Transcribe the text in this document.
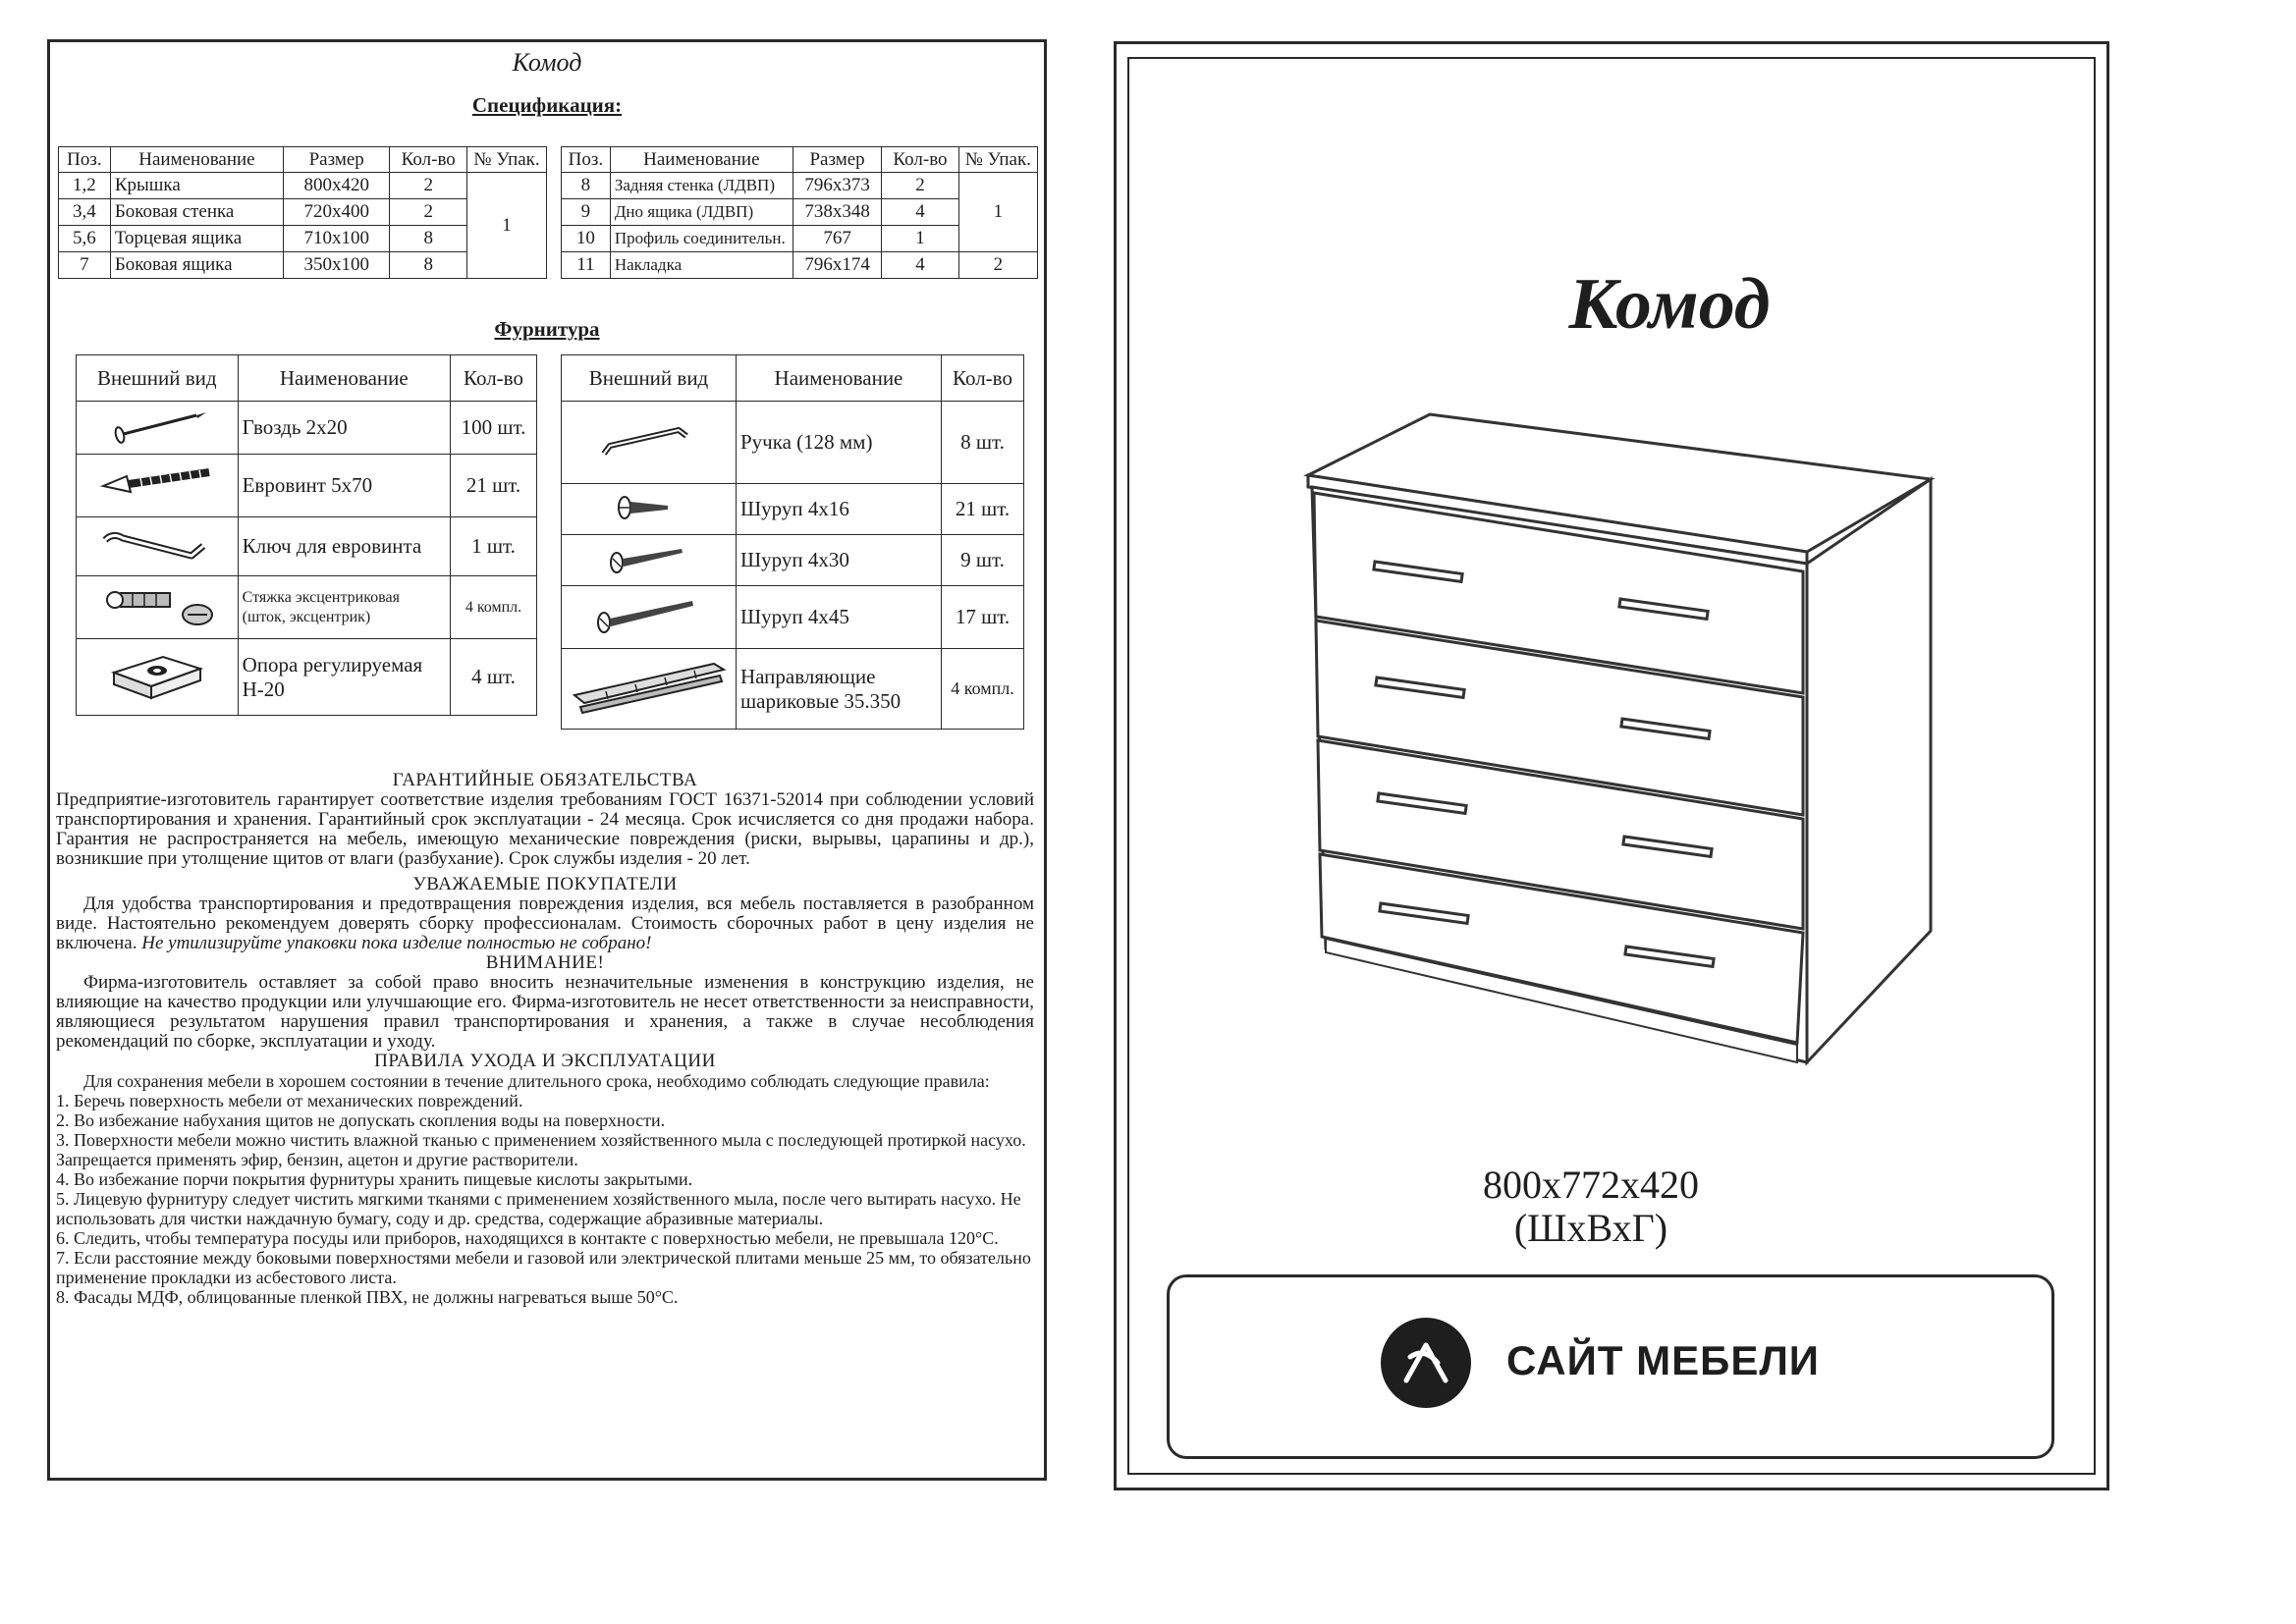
Комод
Спецификация:
Поз.	Наименование	Размер	Кол-во	№ Упак.
1,2	Крышка	800х420	2	1
3,4	Боковая стенка	720х400	2	
5,6	Торцевая ящика	710х100	8	
7	Боковая ящика	350х100	8	
Поз.	Наименование	Размер	Кол-во	№ Упак.
8	Задняя стенка (ЛДВП)	796х373	2	1
9	Дно ящика (ЛДВП)	738х348	4	
10	Профиль соединительн.	767	1	
11	Накладка	796х174	4	2
Фурнитура
Внешний вид	Наименование	Кол-во
	Гвоздь 2х20	100 шт.
	Евровинт 5х70	21 шт.
	Ключ для евровинта	1 шт.
	Стяжка эксцентриковая (шток, эксцентрик)	4 компл.
	Опора регулируемая Н-20	4 шт.
Внешний вид	Наименование	Кол-во
	Ручка (128 мм)	8 шт.
	Шуруп 4х16	21 шт.
	Шуруп 4х30	9 шт.
	Шуруп 4х45	17 шт.
	Направляющие шариковые 35.350	4 компл.
ГАРАНТИЙНЫЕ ОБЯЗАТЕЛЬСТВА

Предприятие-изготовитель гарантирует соответствие изделия требованиям ГОСТ 16371-52014 при соблюдении условий транспортирования и хранения. Гарантийный срок эксплуатации - 24 месяца. Срок исчисляется со дня продажи набора. Гарантия не распространяется на мебель, имеющую механические повреждения (риски, вырывы, царапины и др.), возникшие при утолщение щитов от влаги (разбухание). Срок службы изделия - 20 лет.

УВАЖАЕМЫЕ ПОКУПАТЕЛИ

Для удобства транспортирования и предотвращения повреждения изделия, вся мебель поставляется в разобранном виде. Настоятельно рекомендуем доверять сборку профессионалам. Стоимость сборочных работ в цену изделия не включена. Не утилизируйте упаковки пока изделие полностью не собрано!

ВНИМАНИЕ!

Фирма-изготовитель оставляет за собой право вносить незначительные изменения в конструкцию изделия, не влияющие на качество продукции или улучшающие его. Фирма-изготовитель не несет ответственности за неисправности, являющиеся результатом нарушения правил транспортирования и хранения, а также в случае несоблюдения рекомендаций по сборке, эксплуатации и уходу.

ПРАВИЛА УХОДА И ЭКСПЛУАТАЦИИ
Для сохранения мебели в хорошем состоянии в течение длительного срока, необходимо соблюдать следующие правила:
1. Беречь поверхность мебели от механических повреждений.
2. Во избежание набухания щитов не допускать скопления воды на поверхности.
3. Поверхности мебели можно чистить влажной тканью с применением хозяйственного мыла с последующей протиркой насухо. Запрещается применять эфир, бензин, ацетон и другие растворители.
4. Во избежание порчи покрытия фурнитуры хранить пищевые кислоты закрытыми.
5. Лицевую фурнитуру следует чистить мягкими тканями с применением хозяйственного мыла, после чего вытирать насухо. Не использовать для чистки наждачную бумагу, соду и др. средства, содержащие абразивные материалы.
6. Следить, чтобы температура посуды или приборов, находящихся в контакте с поверхностью мебели, не превышала 120°С.
7. Если расстояние между боковыми поверхностями мебели и газовой или электрической плитами меньше 25 мм, то обязательно применение прокладки из асбестового листа.
8. Фасады МДФ, облицованные пленкой ПВХ, не должны нагреваться выше 50°С.
Комод
800х772х420
(ШхВхГ)
САЙТ МЕБЕЛИ
